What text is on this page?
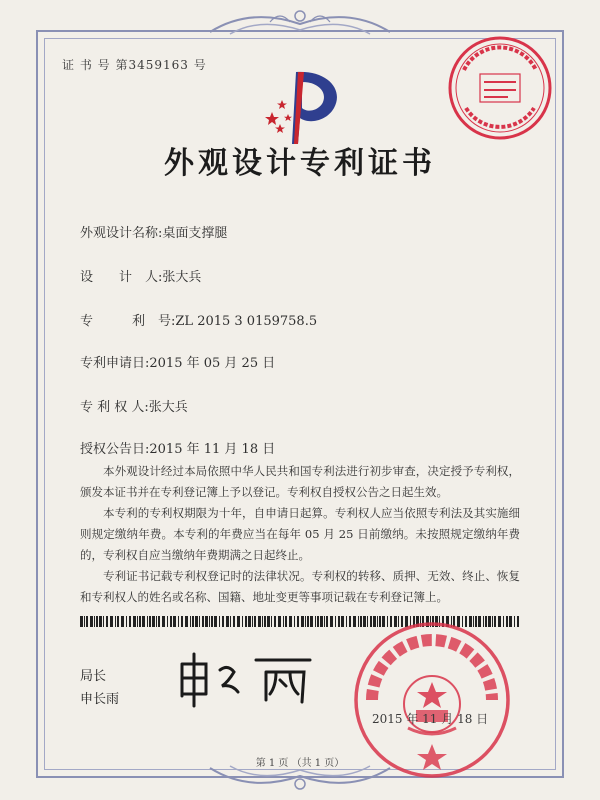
证 书 号 第3459163 号
外观设计专利证书
外观设计名称:桌面支撑腿
设　　计　人:张大兵
专　　　利　号:ZL 2015 3 0159758.5
专利申请日:2015 年 05 月 25 日
专 利 权 人:张大兵
授权公告日:2015 年 11 月 18 日

本外观设计经过本局依照中华人民共和国专利法进行初步审查，决定授予专利权，颁发本证书并在专利登记簿上予以登记。专利权自授权公告之日起生效。

本专利的专利权期限为十年，自申请日起算。专利权人应当依照专利法及其实施细则规定缴纳年费。本专利的年费应当在每年 05 月 25 日前缴纳。未按照规定缴纳年费的，专利权自应当缴纳年费期满之日起终止。

专利证书记载专利权登记时的法律状况。专利权的转移、质押、无效、终止、恢复和专利权人的姓名或名称、国籍、地址变更等事项记载在专利登记簿上。

局长
申长雨
2015 年 11 月 18 日
第 1 页 （共 1 页）
